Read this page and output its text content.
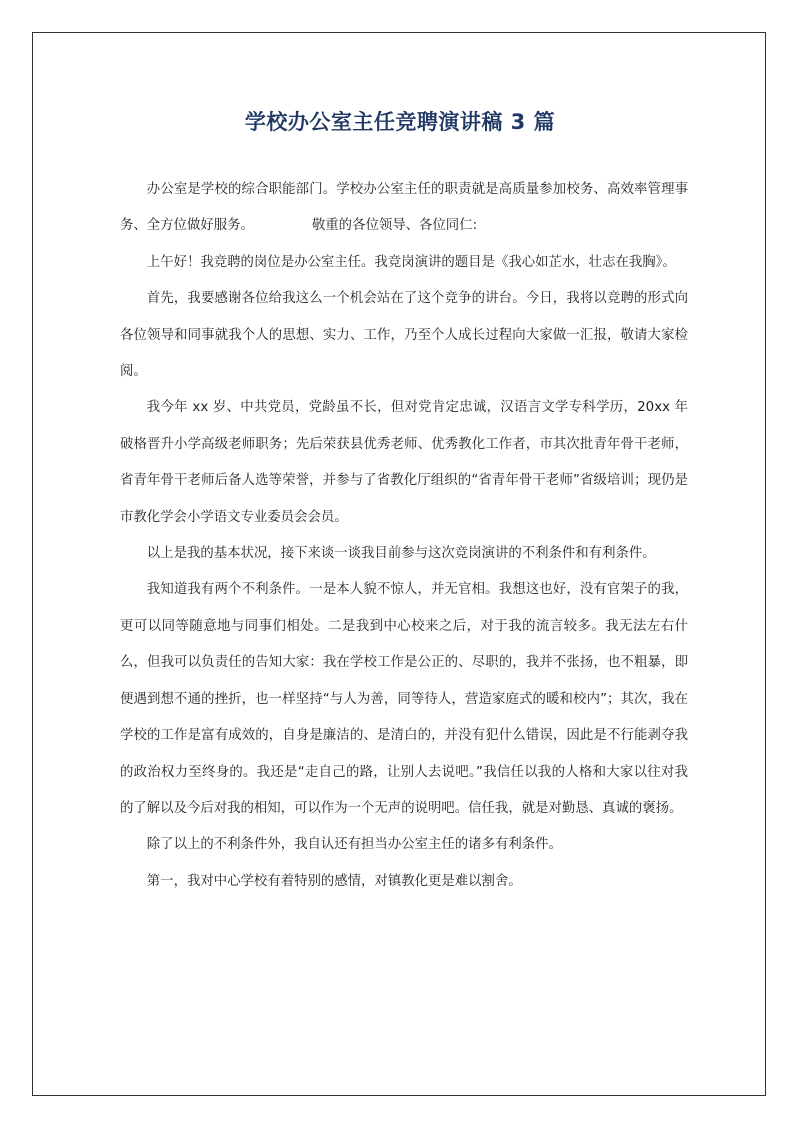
学校办公室主任竞聘演讲稿 3 篇

办公室是学校的综合职能部门。学校办公室主任的职责就是高质量参加校务、高效率管理事务、全方位做好服务。	敬重的各位领导、各位同仁:

上午好！我竞聘的岗位是办公室主任。我竞岗演讲的题目是《我心如芷水，壮志在我胸》。

首先，我要感谢各位给我这么一个机会站在了这个竞争的讲台。今日，我将以竞聘的形式向各位领导和同事就我个人的思想、实力、工作，乃至个人成长过程向大家做一汇报，敬请大家检阅。

我今年 xx 岁、中共党员，党龄虽不长，但对党肯定忠诚，汉语言文学专科学历，20xx 年破格晋升小学高级老师职务；先后荣获县优秀老师、优秀教化工作者，市其次批青年骨干老师，省青年骨干老师后备人选等荣誉，并参与了省教化厅组织的“省青年骨干老师”省级培训；现仍是市教化学会小学语文专业委员会会员。

以上是我的基本状况，接下来谈一谈我目前参与这次竞岗演讲的不利条件和有利条件。

我知道我有两个不利条件。一是本人貌不惊人，并无官相。我想这也好，没有官架子的我，更可以同等随意地与同事们相处。二是我到中心校来之后，对于我的流言较多。我无法左右什么，但我可以负责任的告知大家：我在学校工作是公正的、尽职的，我并不张扬，也不粗暴，即便遇到想不通的挫折，也一样坚持“与人为善，同等待人，营造家庭式的暖和校内”；其次，我在学校的工作是富有成效的，自身是廉洁的、是清白的，并没有犯什么错误，因此是不行能剥夺我的政治权力至终身的。我还是“走自己的路，让别人去说吧。”我信任以我的人格和大家以往对我的了解以及今后对我的相知，可以作为一个无声的说明吧。信任我，就是对勤恳、真诚的褒扬。

除了以上的不利条件外，我自认还有担当办公室主任的诸多有利条件。

第一，我对中心学校有着特别的感情，对镇教化更是难以割舍。
